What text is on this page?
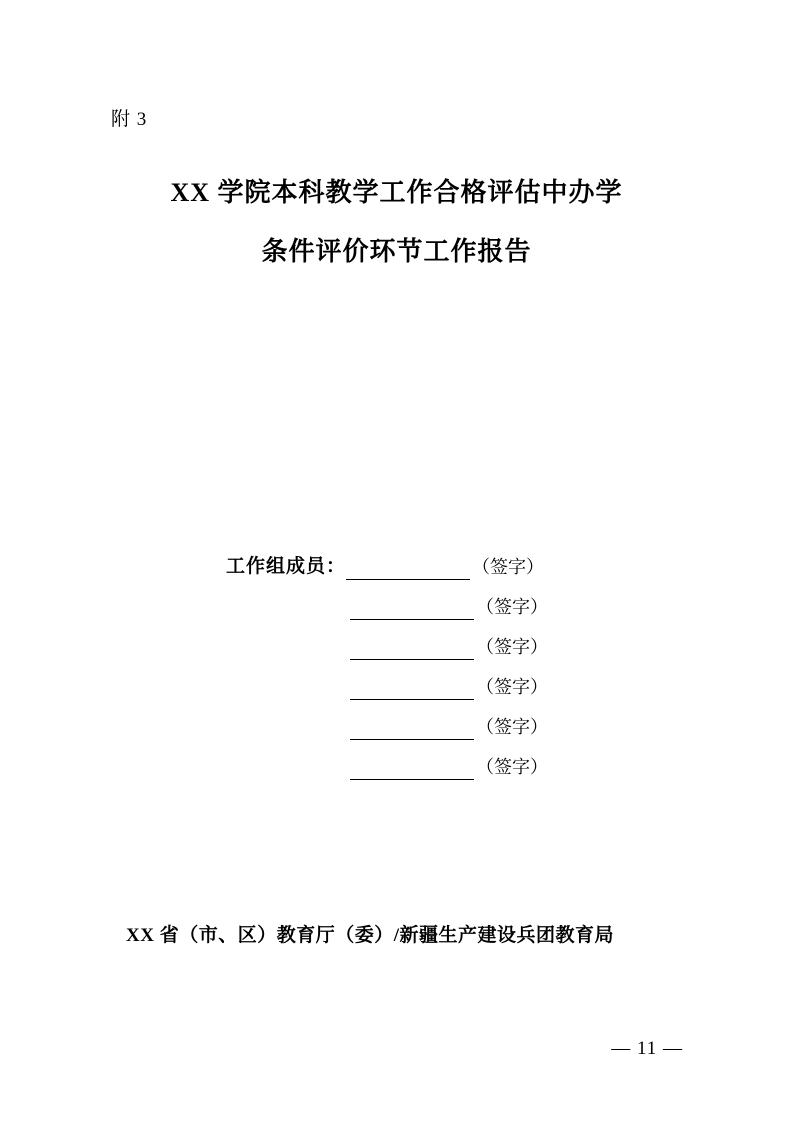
附 3
XX 学院本科教学工作合格评估中办学
条件评价环节工作报告
工作组成员：	（签字）
（签字）
（签字）
（签字）
（签字）
（签字）
XX 省（市、区）教育厅（委）/新疆生产建设兵团教育局
— 11 —
